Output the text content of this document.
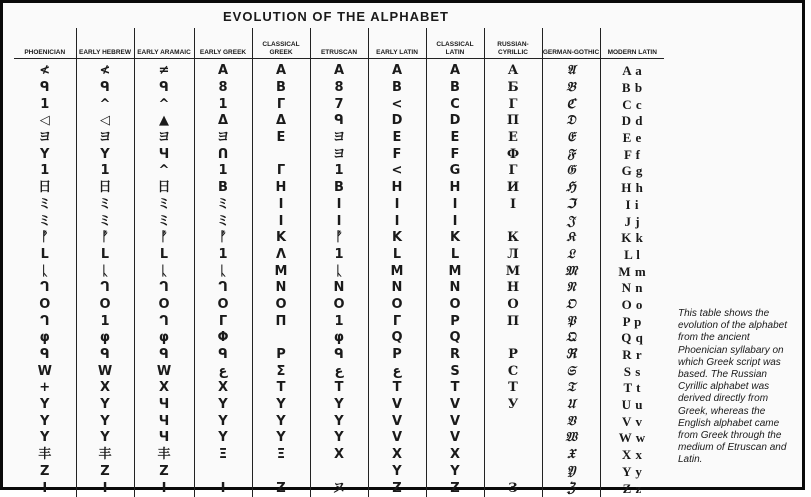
EVOLUTION OF THE ALPHABET
PHOENICIAN	EARLY HEBREW	EARLY ARAMAIC	EARLY GREEK	CLASSICAL GREEK	ETRUSCAN	EARLY LATIN	CLASSICAL LATIN	RUSSIAN-CYRILLIC	GERMAN-GOTHIC	MODERN LATIN
≮	≮	≠	A	A	A	A	A	А	𝔄	A a
ᑫ	ᑫ	ᑫ	8	B	8	B	B	Б	𝔅	B b
1	^	^	1	Γ	7	<	C	Г	ℭ	C c
◁	◁	▲	Δ	Δ	ᑫ	D	D	П	𝔇	D d
ヨ	ヨ	ヨ	ヨ	E	ヨ	E	E	Е	𝔈	E e
Y	Y	Ч	ᑎ		ヨ	F	F	Ф	𝔉	F f
1	1	^	1	Γ	1	<	G	Г	𝔊	G g
日	日	日	B	H	B	H	H	И	ℌ	H h
ミ	ミ	ミ	ミ	I	I	I	I	I	ℑ	I i
ミ	ミ	ミ	ミ	I	I	I	I		𝔍	J j
ᚡ	ᚡ	ᚡ	ᚡ	K	ᚡ	K	K	К	𝔎	K k
ᒪ	ᒪ	ᒪ	1	Λ	1	ᒪ	L	Л	𝔏	L l
ᚳ	ᚳ	ᚳ	ᚳ	M	ᚳ	M	M	М	𝔐	M m
ᒉ	ᒉ	ᒉ	ᒉ	N	N	N	N	Н	𝔑	N n
O	O	O	O	O	O	O	O	О	𝔒	O o
ᒉ	1	ᒉ	Γ	Π	1	Γ	P	П	𝔓	P p
φ	φ	φ	Φ		φ	Q	Q		𝔔	Q q
ᑫ	ᑫ	ᑫ	ᑫ	P	ᑫ	P	R	Р	ℜ	R r
W	W	W	ﻉ	Σ	ﻉ	ﻉ	S	С	𝔖	S s
+	X	X	X	T	T	T	T	Т	𝔗	T t
Y	Y	Ч	Y	Y	Y	V	V	У	𝔘	U u
Y	Y	Ч	Y	Y	Y	V	V		𝔙	V v
Y	Y	Ч	Y	Y	Y	V	V		𝔚	W w
丰	丰	丰	Ξ	Ξ	X	X	X		𝔛	X x
Z	Z	Z				Y	Y		𝔜	Y y
I	I	I	I	Z	ヌ	Z	Z	З	ℨ	Z z
This table shows the evolution of the alphabet from the ancient Phoenician syllabary on which Greek script was based. The Russian Cyrillic alphabet was derived directly from Greek, whereas the English alphabet came from Greek through the medium of Etruscan and Latin.
